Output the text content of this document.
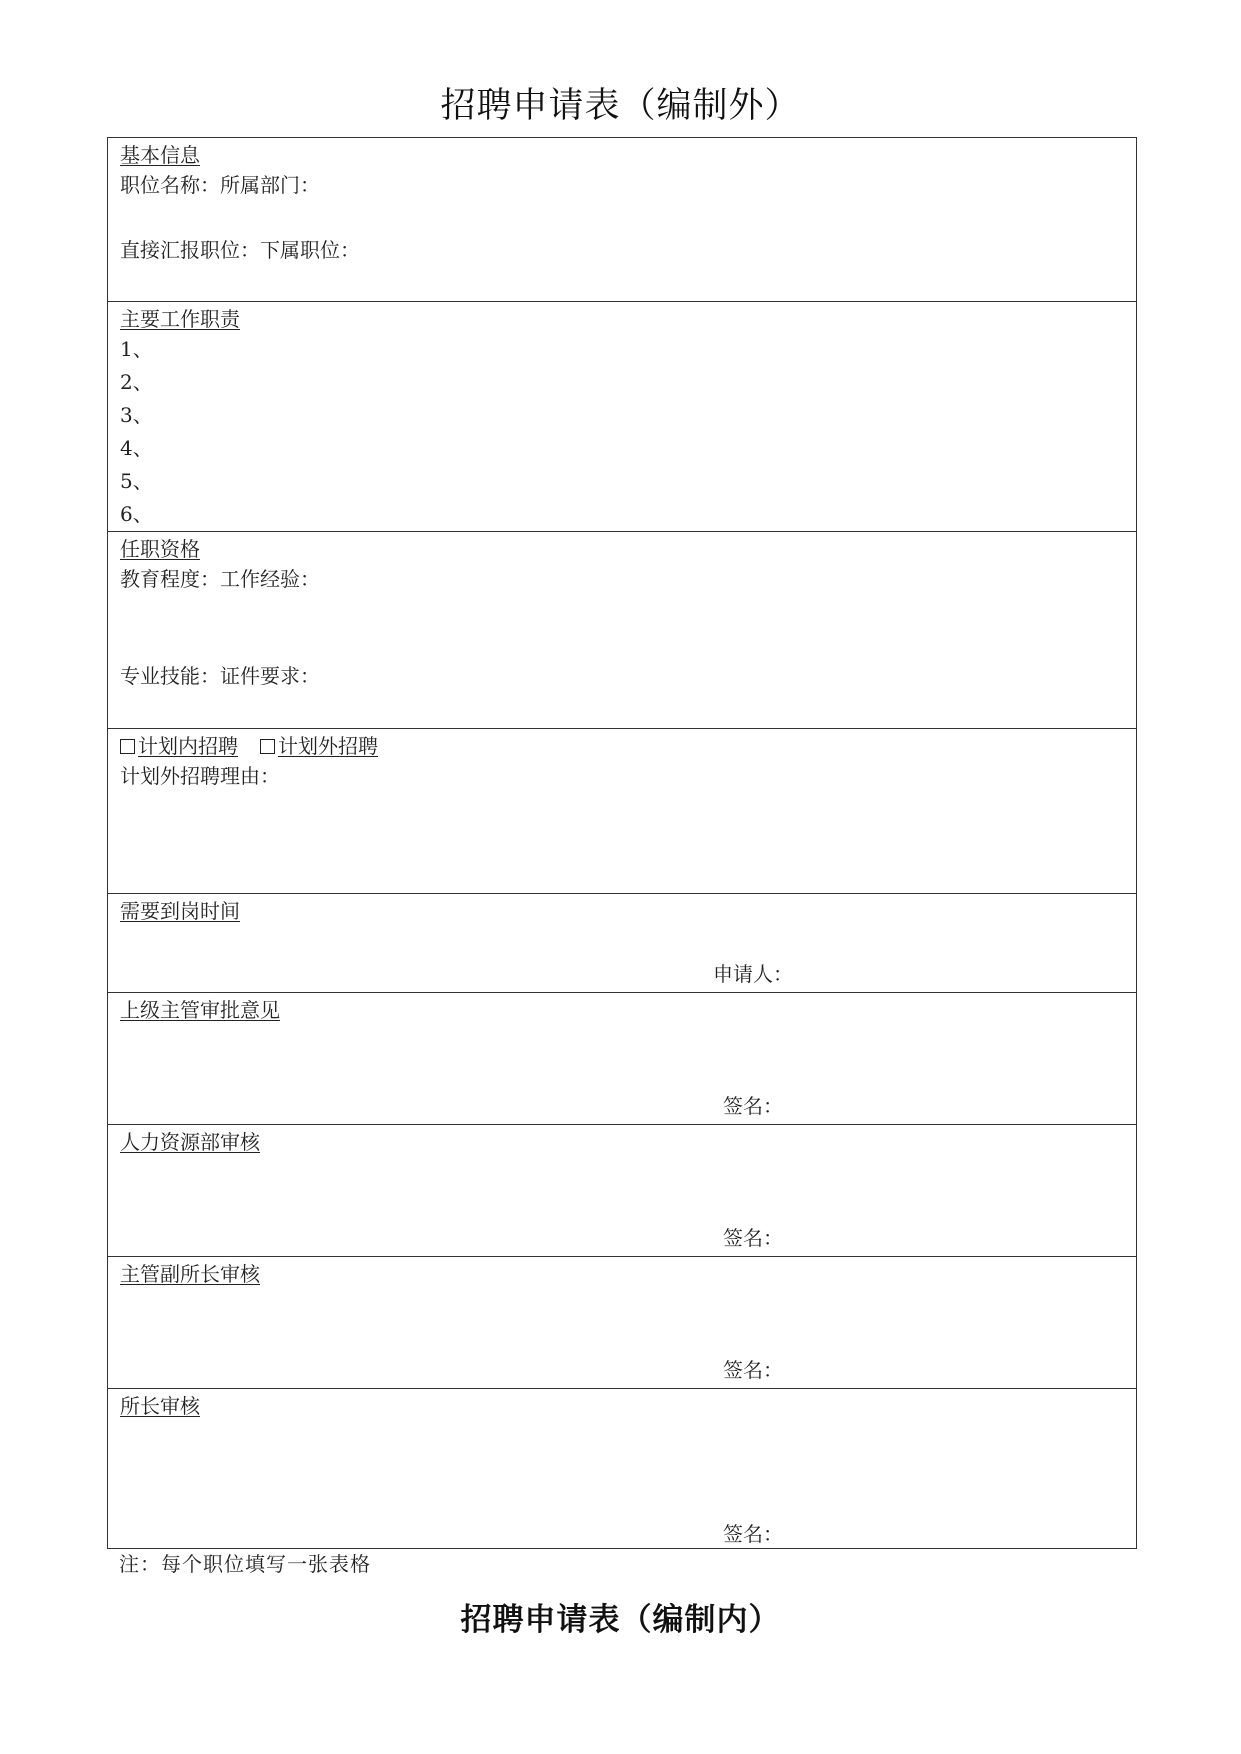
招聘申请表（编制外）
基本信息
职位名称：所属部门：
直接汇报职位：下属职位：
主要工作职责
1、
2、
3、
4、
5、
6、
任职资格
教育程度：工作经验：
专业技能：证件要求：
计划内招聘 计划外招聘
计划外招聘理由：
需要到岗时间
申请人：
上级主管审批意见
签名：
人力资源部审核
签名：
主管副所长审核
签名：
所长审核
签名：
注：每个职位填写一张表格
招聘申请表（编制内）
